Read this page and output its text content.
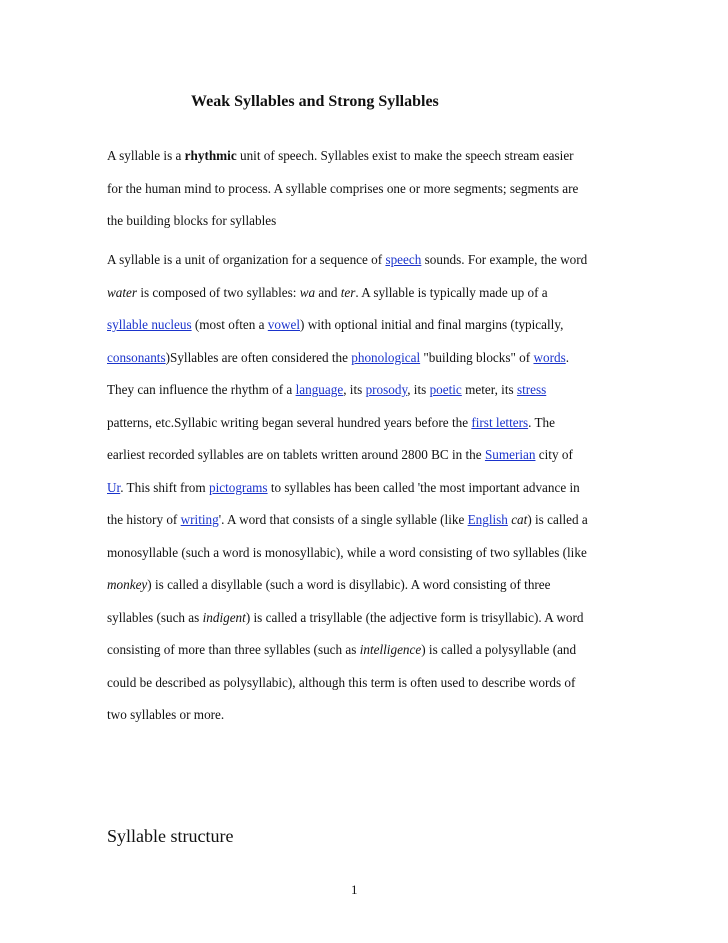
Weak Syllables and Strong Syllables
A syllable is a rhythmic unit of speech. Syllables exist to make the speech stream easier
for the human mind to process. A syllable comprises one or more segments; segments are
the building blocks for syllables
A syllable is a unit of organization for a sequence of speech sounds. For example, the word
water is composed of two syllables: wa and ter. A syllable is typically made up of a
syllable nucleus (most often a vowel) with optional initial and final margins (typically,
consonants)Syllables are often considered the phonological "building blocks" of words.
They can influence the rhythm of a language, its prosody, its poetic meter, its stress
patterns, etc.Syllabic writing began several hundred years before the first letters. The
earliest recorded syllables are on tablets written around 2800 BC in the Sumerian city of
Ur. This shift from pictograms to syllables has been called 'the most important advance in
the history of writing'. A word that consists of a single syllable (like English cat) is called a
monosyllable (such a word is monosyllabic), while a word consisting of two syllables (like
monkey) is called a disyllable (such a word is disyllabic). A word consisting of three
syllables (such as indigent) is called a trisyllable (the adjective form is trisyllabic). A word
consisting of more than three syllables (such as intelligence) is called a polysyllable (and
could be described as polysyllabic), although this term is often used to describe words of
two syllables or more.
Syllable structure
1
